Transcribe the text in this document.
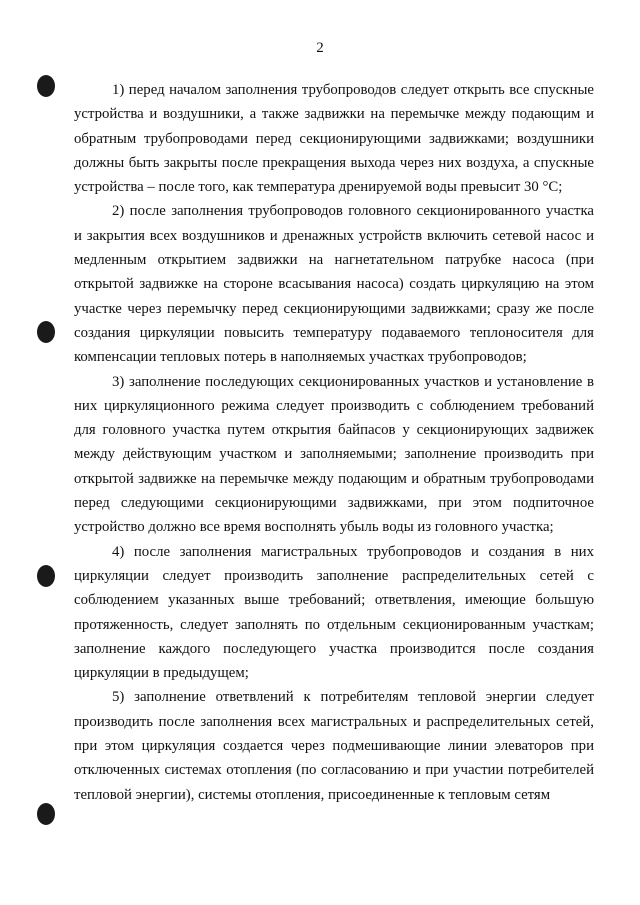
2

1) перед началом заполнения трубопроводов следует открыть все спускные устройства и воздушники, а также задвижки на перемычке между подающим и обратным трубопроводами перед секционирующими задвижками; воздушники должны быть закрыты после прекращения выхода через них воздуха, а спускные устройства – после того, как температура дренируемой воды превысит 30 °С;

2) после заполнения трубопроводов головного секционированного участка и закрытия всех воздушников и дренажных устройств включить сетевой насос и медленным открытием задвижки на нагнетательном патрубке насоса (при открытой задвижке на стороне всасывания насоса) создать циркуляцию на этом участке через перемычку перед секционирующими задвижками; сразу же после создания циркуляции повысить температуру подаваемого теплоносителя для компенсации тепловых потерь в наполняемых участках трубопроводов;

3) заполнение последующих секционированных участков и установление в них циркуляционного режима следует производить с соблюдением требований для головного участка путем открытия байпасов у секционирующих задвижек между действующим участком и заполняемыми; заполнение производить при открытой задвижке на перемычке между подающим и обратным трубопроводами перед следующими секционирующими задвижками, при этом подпиточное устройство должно все время восполнять убыль воды из головного участка;

4) после заполнения магистральных трубопроводов и создания в них циркуляции следует производить заполнение распределительных сетей с соблюдением указанных выше требований; ответвления, имеющие большую протяженность, следует заполнять по отдельным секционированным участкам; заполнение каждого последующего участка производится после создания циркуляции в предыдущем;

5) заполнение ответвлений к потребителям тепловой энергии следует производить после заполнения всех магистральных и распределительных сетей, при этом циркуляция создается через подмешивающие линии элеваторов при отключенных системах отопления (по согласованию и при участии потребителей тепловой энергии), системы отопления, присоединенные к тепловым сетям
